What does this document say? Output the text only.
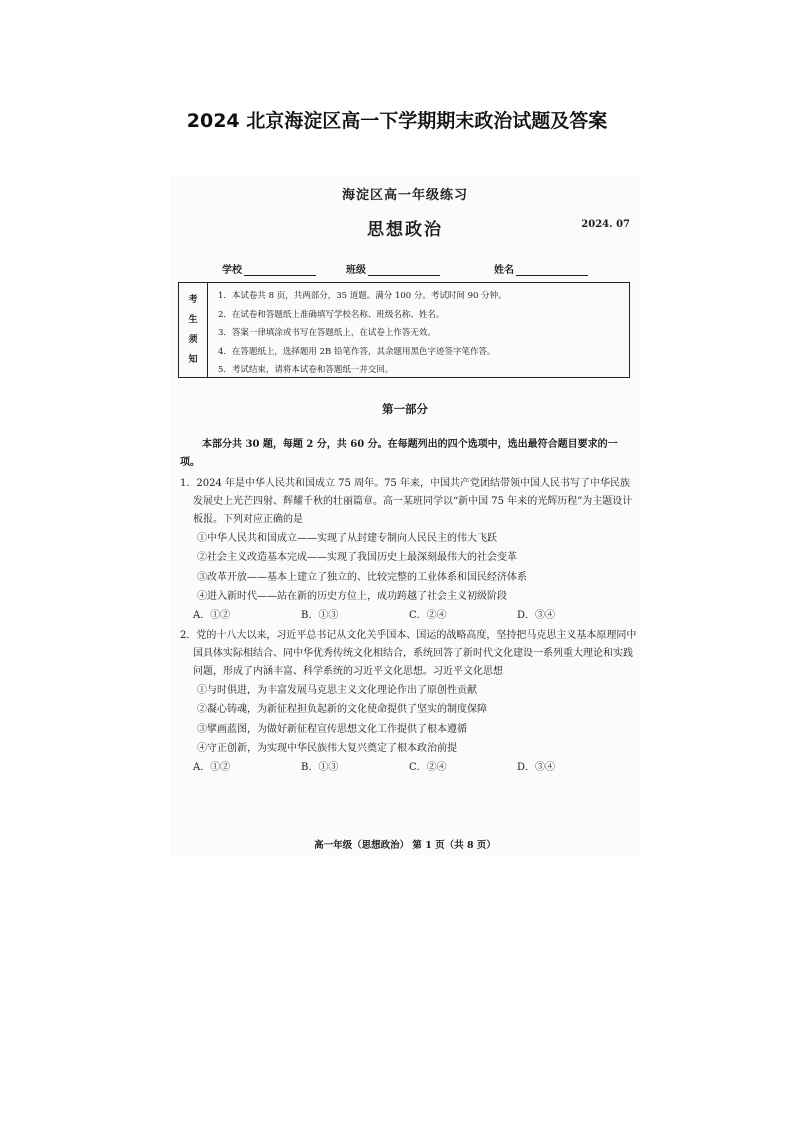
2024 北京海淀区高一下学期期末政治试题及答案
海淀区高一年级练习
思想政治	2024. 07
学校	班级	姓名
考
生
须
知
1．本试卷共 8 页，共两部分，35 道题。满分 100 分。考试时间 90 分钟。
2．在试卷和答题纸上准确填写学校名称、班级名称、姓名。
3．答案一律填涂或书写在答题纸上，在试卷上作答无效。
4．在答题纸上，选择题用 2B 铅笔作答，其余题用黑色字迹签字笔作答。
5．考试结束，请将本试卷和答题纸一并交回。
第一部分
本部分共 30 题，每题 2 分，共 60 分。在每题列出的四个选项中，选出最符合题目要求的一项。
1．2024 年是中华人民共和国成立 75 周年。75 年来，中国共产党团结带领中国人民书写了中华民族发展史上光芒四射、辉耀千秋的壮丽篇章。高一某班同学以“新中国 75 年来的光辉历程”为主题设计板报。下列对应正确的是
①中华人民共和国成立——实现了从封建专制向人民民主的伟大飞跃
②社会主义改造基本完成——实现了我国历史上最深刻最伟大的社会变革
③改革开放——基本上建立了独立的、比较完整的工业体系和国民经济体系
④进入新时代——站在新的历史方位上，成功跨越了社会主义初级阶段
A．①②	B．①③	C．②④	D．③④
2．党的十八大以来，习近平总书记从文化关乎国本、国运的战略高度，坚持把马克思主义基本原理同中国具体实际相结合、同中华优秀传统文化相结合，系统回答了新时代文化建设一系列重大理论和实践问题，形成了内涵丰富、科学系统的习近平文化思想。习近平文化思想
①与时俱进，为丰富发展马克思主义文化理论作出了原创性贡献
②凝心铸魂，为新征程担负起新的文化使命提供了坚实的制度保障
③擘画蓝图，为做好新征程宣传思想文化工作提供了根本遵循
④守正创新，为实现中华民族伟大复兴奠定了根本政治前提
A．①②	B．①③	C．②④	D．③④
高一年级（思想政治） 第 1 页（共 8 页）
